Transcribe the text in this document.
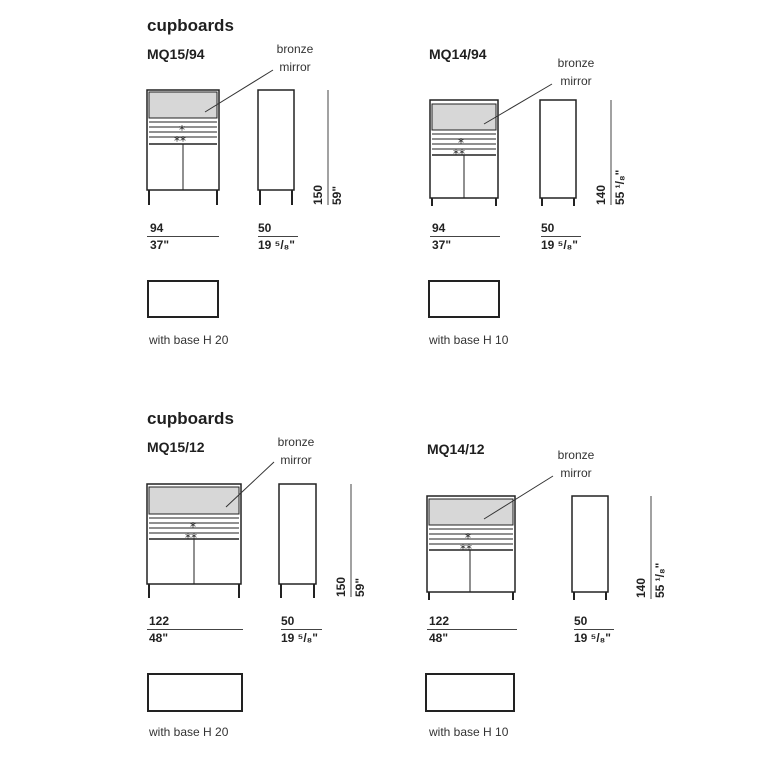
cupboards
MQ15/94	bronze
mirror
*
**
150 59"
94
37"
50
19 ⁵/₈"
with base H 20
MQ14/94
bronze
mirror
*
**
140 55 ¹/₈"
94
37"
50
19 ⁵/₈"
with base H 10
cupboards
MQ15/12	bronze
mirror
*
**
150 59"
122
48"
50
19 ⁵/₈"
with base H 20
MQ14/12	bronze
mirror
*
**
140 55 ¹/₈"
122
48"
50
19 ⁵/₈"
with base H 10
